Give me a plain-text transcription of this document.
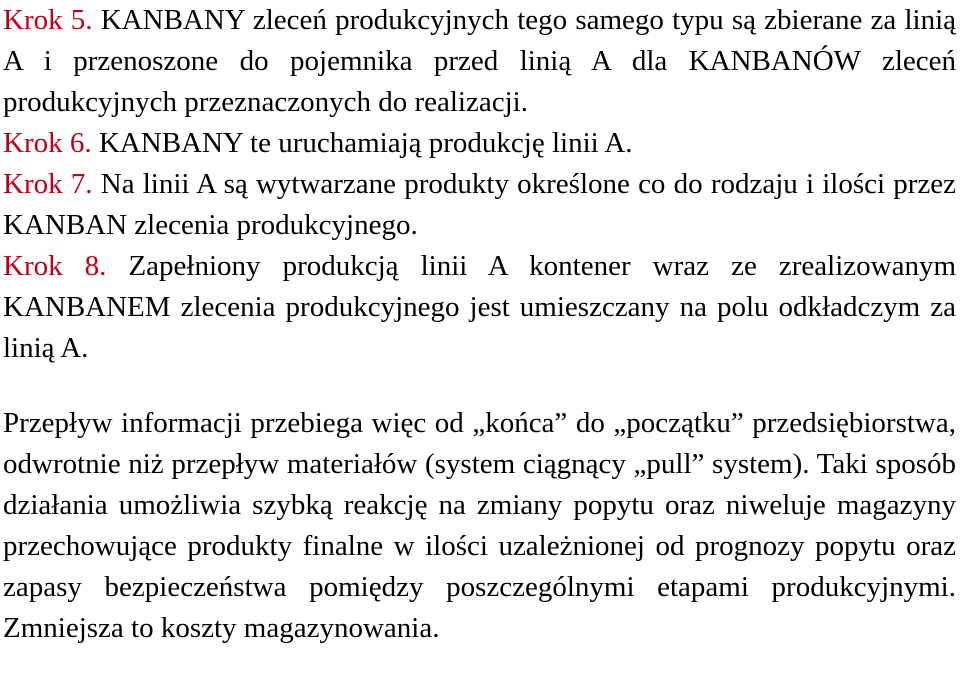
Krok 5. KANBANY zleceń produkcyjnych tego samego typu są zbierane za linią A i przenoszone do pojemnika przed linią A dla KANBANÓW zleceń produkcyjnych przeznaczonych do realizacji.

Krok 6. KANBANY te uruchamiają produkcję linii A.

Krok 7. Na linii A są wytwarzane produkty określone co do rodzaju i ilości przez KANBAN zlecenia produkcyjnego.

Krok 8. Zapełniony produkcją linii A kontener wraz ze zrealizowanym KANBANEM zlecenia produkcyjnego jest umieszczany na polu odkładczym za linią A.

Przepływ informacji przebiega więc od „końca” do „początku” przedsiębiorstwa, odwrotnie niż przepływ materiałów (system ciągnący „pull” system). Taki sposób działania umożliwia szybką reakcję na zmiany popytu oraz niweluje magazyny przechowujące produkty finalne w ilości uzależnionej od prognozy popytu oraz zapasy bezpieczeństwa pomiędzy poszczególnymi etapami produkcyjnymi. Zmniejsza to koszty magazynowania.
